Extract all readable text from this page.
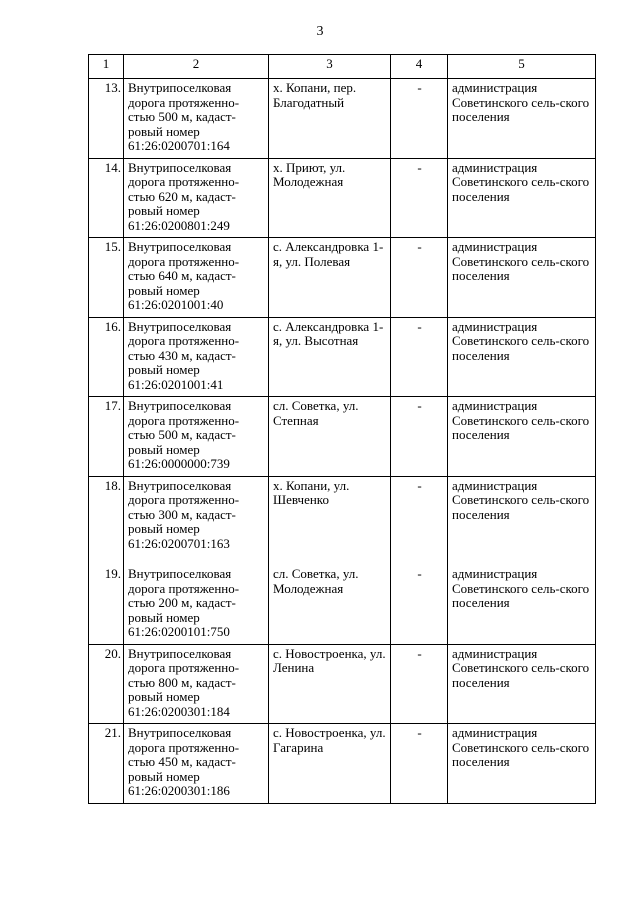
3
1	2	3	4	5
13.	Внутрипоселковая дорога протяженно-стью 500 м, кадаст-ровый номер 61:26:0200701:164	х. Копани, пер. Благодатный	-	администрация Советинского сель-ского поселения
14.	Внутрипоселковая дорога протяженно-стью 620 м, кадаст-ровый номер 61:26:0200801:249	х. Приют, ул. Молодежная	-	администрация Советинского сель-ского поселения
15.	Внутрипоселковая дорога протяженно-стью 640 м, кадаст-ровый номер 61:26:0201001:40	с. Александровка 1-я, ул. Полевая	-	администрация Советинского сель-ского поселения
16.	Внутрипоселковая дорога протяженно-стью 430 м, кадаст-ровый номер 61:26:0201001:41	с. Александровка 1-я, ул. Высотная	-	администрация Советинского сель-ского поселения
17.	Внутрипоселковая дорога протяженно-стью 500 м, кадаст-ровый номер 61:26:0000000:739	сл. Советка, ул. Степная	-	администрация Советинского сель-ского поселения
18.	Внутрипоселковая дорога протяженно-стью 300 м, кадаст-ровый номер 61:26:0200701:163	х. Копани, ул. Шевченко	-	администрация Советинского сель-ского поселения
19.	Внутрипоселковая дорога протяженно-стью 200 м, кадаст-ровый номер 61:26:0200101:750	сл. Советка, ул. Молодежная	-	администрация Советинского сель-ского поселения
20.	Внутрипоселковая дорога протяженно-стью 800 м, кадаст-ровый номер 61:26:0200301:184	с. Новостроенка, ул. Ленина	-	администрация Советинского сель-ского поселения
21.	Внутрипоселковая дорога протяженно-стью 450 м, кадаст-ровый номер 61:26:0200301:186	с. Новостроенка, ул. Гагарина	-	администрация Советинского сель-ского поселения
